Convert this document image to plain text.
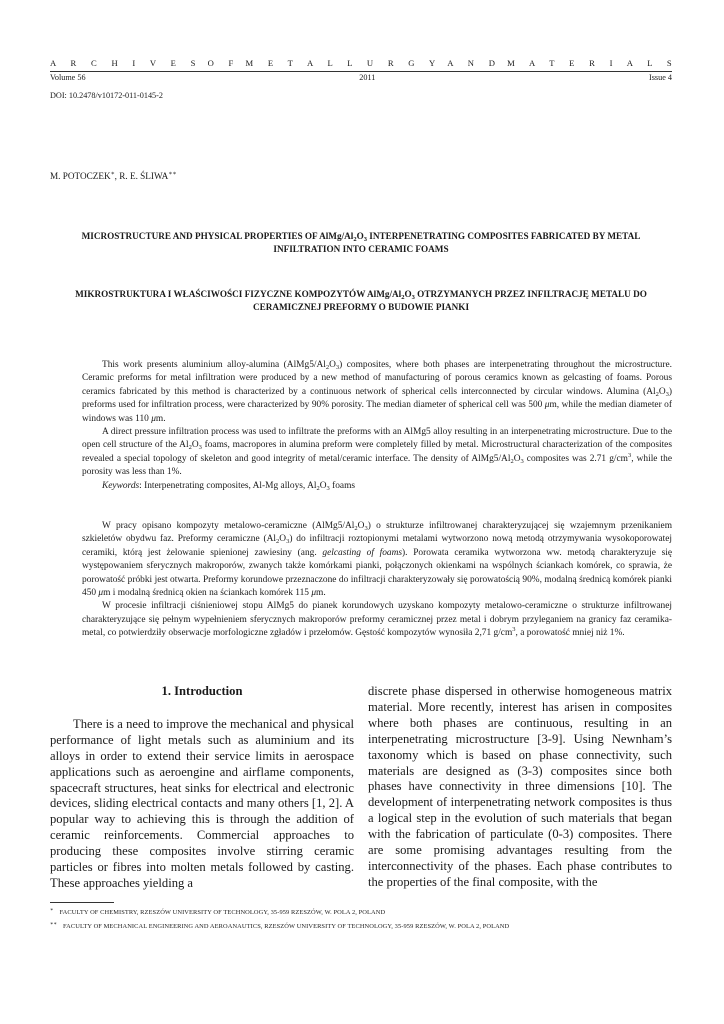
A R C H I V E S O F M E T A L L U R G Y A N D M A T E R I A L S
Volume 56	2011	Issue 4
DOI: 10.2478/v10172-011-0145-2
M. POTOCZEK∗, R. E. ŚLIWA∗∗
MICROSTRUCTURE AND PHYSICAL PROPERTIES OF AlMg/$Al_2O_3$ INTERPENETRATING COMPOSITES FABRICATED BY METAL INFILTRATION INTO CERAMIC FOAMS
MIKROSTRUKTURA I WŁAŚCIWOŚCI FIZYCZNE KOMPOZYTÓW AlMg/$Al_2O_3$ OTRZYMANYCH PRZEZ INFILTRACJĘ METALU DO CERAMICZNEJ PREFORMY O BUDOWIE PIANKI

This work presents aluminium alloy-alumina $(AlMg5/Al_2O_3)$ composites, where both phases are interpenetrating throughout the microstructure. Ceramic preforms for metal infiltration were produced by a new method of manufacturing of porous ceramics known as gelcasting of foams. Porous ceramics fabricated by this method is characterized by a continuous network of spherical cells interconnected by circular windows. Alumina $(Al_2O_3)$ preforms used for infiltration process, were characterized by 90% porosity. The median diameter of spherical cell was 500 μm, while the median diameter of windows was 110 μm.

A direct pressure infiltration process was used to infiltrate the preforms with an AlMg5 alloy resulting in an interpenetrating microstructure. Due to the open cell structure of the $Al_2O_3$ foams, macropores in alumina preform were completely filled by metal. Microstructural characterization of the composites revealed a special topology of skeleton and good integrity of metal/ceramic interface. The density of $AlMg5/Al_2O_3$ composites was 2.71 $g/cm^3$, while the porosity was less than 1%.

Keywords: Interpenetrating composites, Al-Mg alloys, $Al_2O_3$ foams

W pracy opisano kompozyty metalowo-ceramiczne $(AlMg5/Al_2O_3)$ o strukturze infiltrowanej charakteryzującej się wzajemnym przenikaniem szkieletów obydwu faz. Preformy ceramiczne $(Al_2O_3)$ do infiltracji roztopionymi metalami wytworzono nową metodą otrzymywania wysokoporowatej ceramiki, którą jest żelowanie spienionej zawiesiny (ang. gelcasting of foams). Porowata ceramika wytworzona ww. metodą charakteryzuje się występowaniem sferycznych makroporów, zwanych także komórkami pianki, połączonych okienkami na wspólnych ściankach komórek, co sprawia, że porowatość próbki jest otwarta. Preformy korundowe przeznaczone do infiltracji charakteryzowały się porowatością 90%, modalną średnicą komórek pianki 450 μm i modalną średnicą okien na ściankach komórek 115 μm.

W procesie infiltracji ciśnieniowej stopu AlMg5 do pianek korundowych uzyskano kompozyty metalowo-ceramiczne o strukturze infiltrowanej charakteryzujące się pełnym wypełnieniem sferycznych makroporów preformy ceramicznej przez metal i dobrym przyleganiem na granicy faz ceramika-metal, co potwierdziły obserwacje morfologiczne zgładów i przełomów. Gęstość kompozytów wynosiła 2,71 $g/cm^3$, a porowatość mniej niż 1%.

1. Introduction

There is a need to improve the mechanical and physical performance of light metals such as aluminium and its alloys in order to extend their service limits in aerospace applications such as aeroengine and airflame components, spacecraft structures, heat sinks for electrical and electronic devices, sliding electrical contacts and many others [1, 2]. A popular way to achieving this is through the addition of ceramic reinforcements. Commercial approaches to producing these composites involve stirring ceramic particles or fibres into molten metals followed by casting. These approaches yielding a

discrete phase dispersed in otherwise homogeneous matrix material. More recently, interest has arisen in composites where both phases are continuous, resulting in an interpenetrating microstructure [3-9]. Using Newnham’s taxonomy which is based on phase connectivity, such materials are designed as (3-3) composites since both phases have connectivity in three dimensions [10]. The development of interpenetrating network composites is thus a logical step in the evolution of such materials that began with the fabrication of particulate (0-3) composites. There are some promising advantages resulting from the interconnectivity of the phases. Each phase contributes to the properties of the final composite, with the

∗ FACULTY OF CHEMISTRY, RZESZÓW UNIVERSITY OF TECHNOLOGY, 35-959 RZESZÓW, W. POLA 2, POLAND
∗∗ FACULTY OF MECHANICAL ENGINEERING AND AEROANAUTICS, RZESZÓW UNIVERSITY OF TECHNOLOGY, 35-959 RZESZÓW, W. POLA 2, POLAND
